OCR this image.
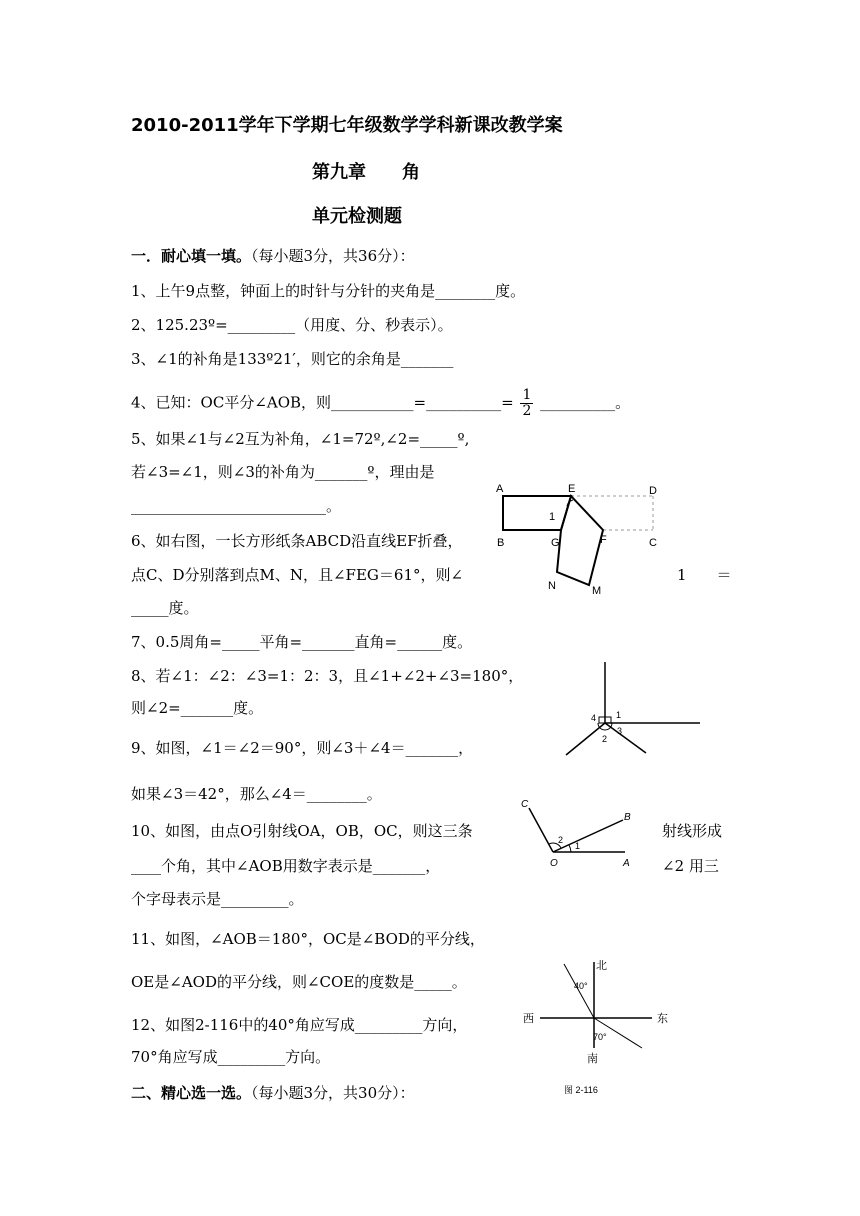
2010-2011学年下学期七年级数学学科新课改教学案
第九章　　角
单元检测题
一．耐心填一填。（每小题3分，共36分）：
1、上午9点整，钟面上的时针与分针的夹角是________度。
2、125.23º=_________（用度、分、秒表示）。
3、∠1的补角是133º21′，则它的余角是_______
4、已知：OC平分∠AOB，则___________=__________= $\frac{1}{2}$ __________。
5、如果∠1与∠2互为补角，∠1=72º,∠2=_____º,
若∠3=∠1，则∠3的补角为_______º，理由是
__________________________。
6、如右图，一长方形纸条ABCD沿直线EF折叠，
点C、D分别落到点M、N，且∠FEG＝61°，则∠	1　　＝
_____度。
7、0.5周角=_____平角=_______直角=______度。
8、若∠1：∠2：∠3=1：2：3，且∠1+∠2+∠3=180°，
则∠2=_______度。
9、如图，∠1＝∠2＝90°，则∠3＋∠4＝_______，
如果∠3＝42°，那么∠4＝________。
10、如图，由点O引射线OA，OB，OC，则这三条	射线形成
____个角，其中∠AOB用数字表示是_______，	∠2 用三
个字母表示是_________。
11、如图，∠AOB＝180°，OC是∠BOD的平分线，
OE是∠AOD的平分线，则∠COE的度数是_____。
12、如图2-116中的40°角应写成_________方向，
70°角应写成_________方向。
二、精心选一选。（每小题3分，共30分）：
A	E	D
B	G	F	C
N	M
1
1
2
3
4
C
B
O	A
1
2
北
南
西	东
40°
70°
图 2-116
